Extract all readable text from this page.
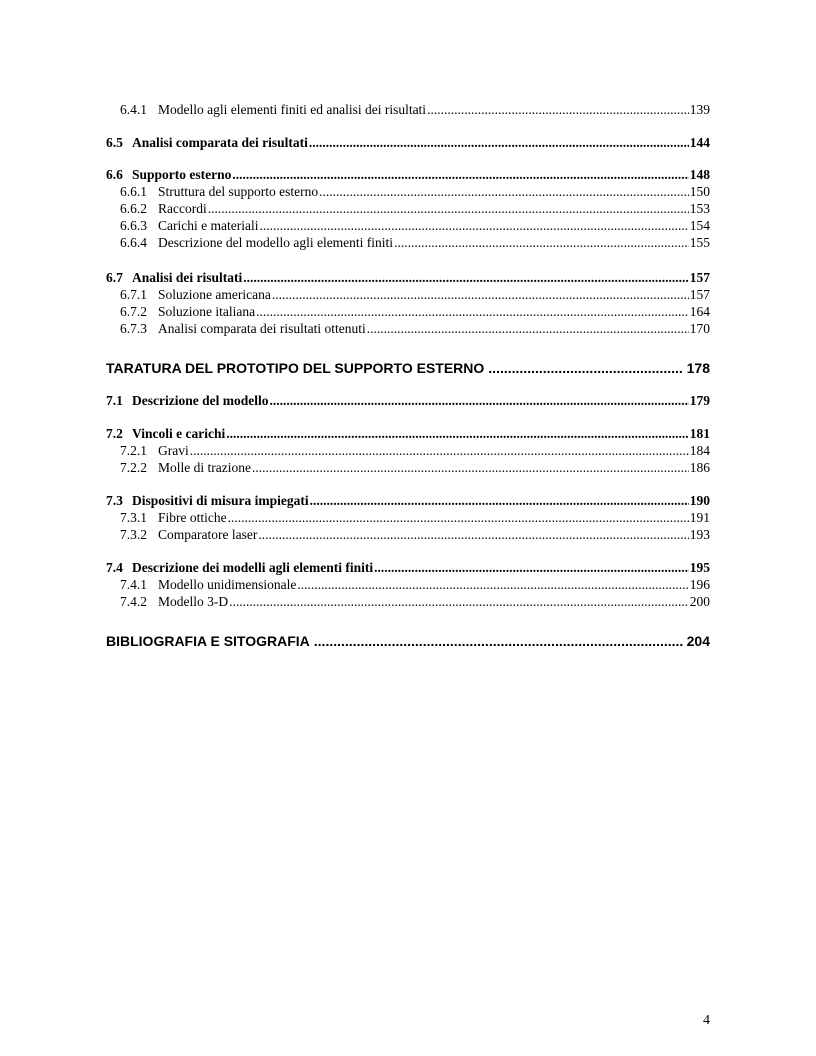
6.4.1 Modello agli elementi finiti ed analisi dei risultati .....	139
6.5 Analisi comparata dei risultati .....	144
6.6 Supporto esterno .....	148
6.6.1 Struttura del supporto esterno .....	150
6.6.2 Raccordi .....	153
6.6.3 Carichi e materiali .....	154
6.6.4 Descrizione del modello agli elementi finiti .....	155
6.7 Analisi dei risultati .....	157
6.7.1 Soluzione americana .....	157
6.7.2 Soluzione italiana .....	164
6.7.3 Analisi comparata dei risultati ottenuti .....	170
TARATURA DEL PROTOTIPO DEL SUPPORTO ESTERNO .....	178
7.1 Descrizione del modello .....	179
7.2 Vincoli e carichi .....	181
7.2.1 Gravi .....	184
7.2.2 Molle di trazione .....	186
7.3 Dispositivi di misura impiegati .....	190
7.3.1 Fibre ottiche .....	191
7.3.2 Comparatore laser .....	193
7.4 Descrizione dei modelli agli elementi finiti .....	195
7.4.1 Modello unidimensionale .....	196
7.4.2 Modello 3-D .....	200
BIBLIOGRAFIA E SITOGRAFIA .....	204
4
